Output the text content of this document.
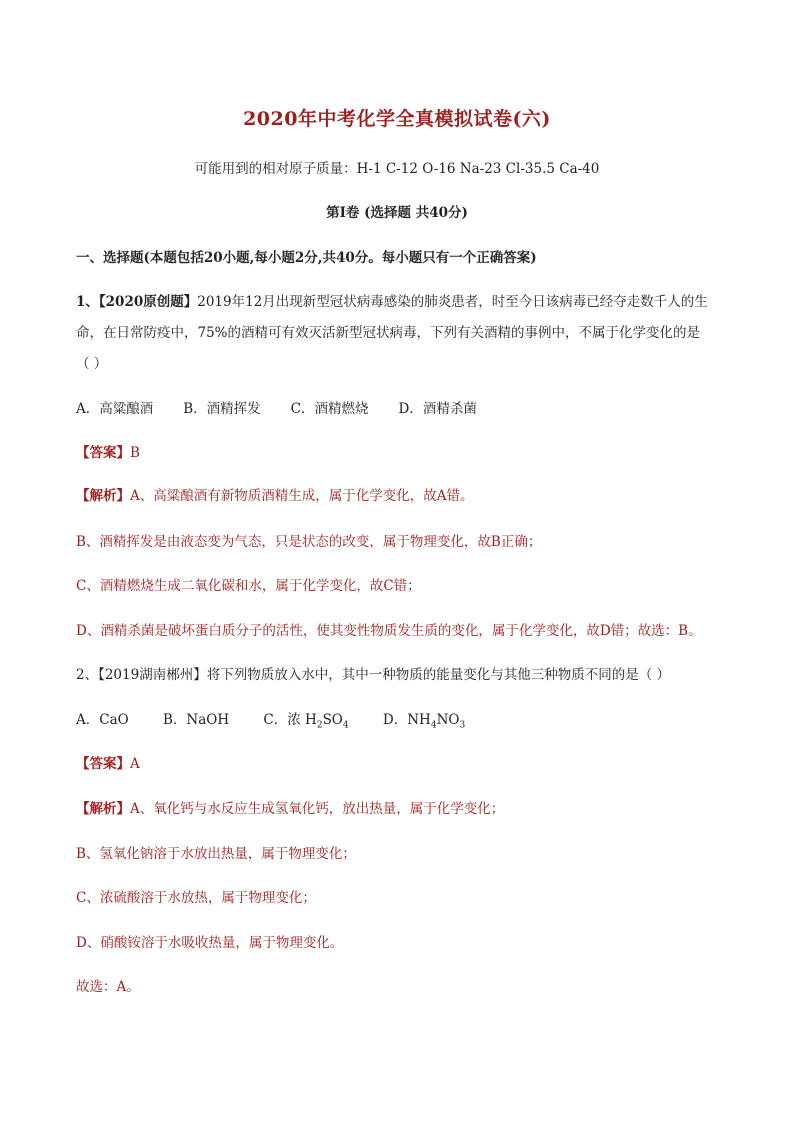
2020年中考化学全真模拟试卷(六)
可能用到的相对原子质量：H-1 C-12 O-16 Na-23 Cl-35.5 Ca-40
第Ⅰ卷 (选择题 共40分)
一、选择题(本题包括20小题,每小题2分,共40分。每小题只有一个正确答案)
1、【2020原创题】2019年12月出现新型冠状病毒感染的肺炎患者，时至今日该病毒已经夺走数千人的生
命，在日常防疫中，75%的酒精可有效灭活新型冠状病毒，下列有关酒精的事例中，不属于化学变化的是
（ ）
A．高粱酿酒 B．酒精挥发 C．酒精燃烧 D．酒精杀菌
【答案】B
【解析】A、高粱酿酒有新物质酒精生成，属于化学变化，故A错。
B、酒精挥发是由液态变为气态，只是状态的改变，属于物理变化，故B正确；
C、酒精燃烧生成二氧化碳和水，属于化学变化，故C错；
D、酒精杀菌是破坏蛋白质分子的活性，使其变性物质发生质的变化，属于化学变化，故D错；故选：B。
2、【2019湖南郴州】将下列物质放入水中，其中一种物质的能量变化与其他三种物质不同的是（ ）
A．CaO	B．NaOH	C．浓 $H_2SO_4$	D．$NH_4NO_3$
【答案】A
【解析】A、氧化钙与水反应生成氢氧化钙，放出热量，属于化学变化；
B、氢氧化钠溶于水放出热量，属于物理变化；
C、浓硫酸溶于水放热，属于物理变化；
D、硝酸铵溶于水吸收热量，属于物理变化。
故选：A。
